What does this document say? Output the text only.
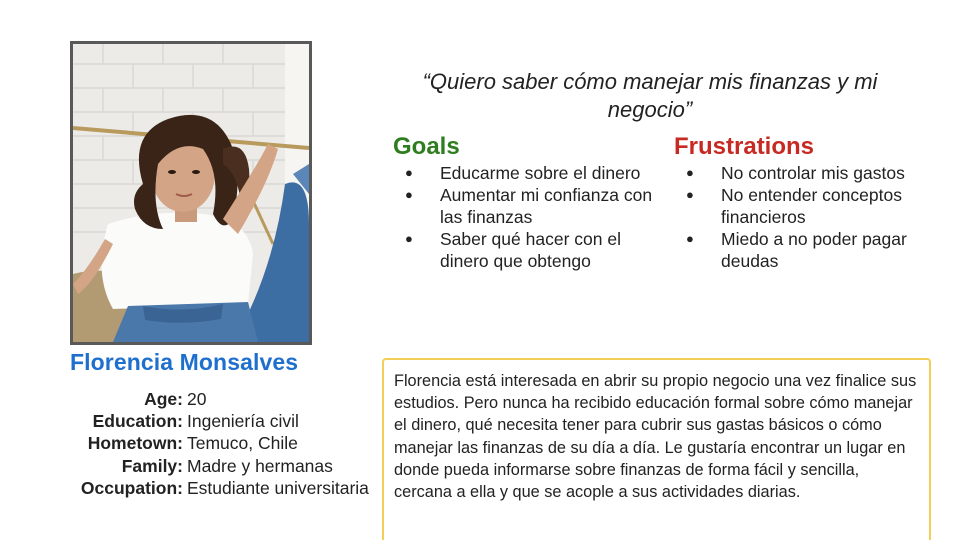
Florencia Monsalves
Age: 20
Education: Ingeniería civil
Hometown: Temuco, Chile
Family: Madre y hermanas
Occupation: Estudiante universitaria
“Quiero saber cómo manejar mis finanzas y mi negocio”
Goals
● Educarme sobre el dinero
● Aumentar mi confianza con las finanzas
● Saber qué hacer con el dinero que obtengo
Frustrations
● No controlar mis gastos
● No entender conceptos financieros
● Miedo a no poder pagar deudas

Florencia está interesada en abrir su propio negocio una vez finalice sus estudios. Pero nunca ha recibido educación formal sobre cómo manejar el dinero, qué necesita tener para cubrir sus gastas básicos o cómo manejar las finanzas de su día a día. Le gustaría encontrar un lugar en donde pueda informarse sobre finanzas de forma fácil y sencilla, cercana a ella y que se acople a sus actividades diarias.
